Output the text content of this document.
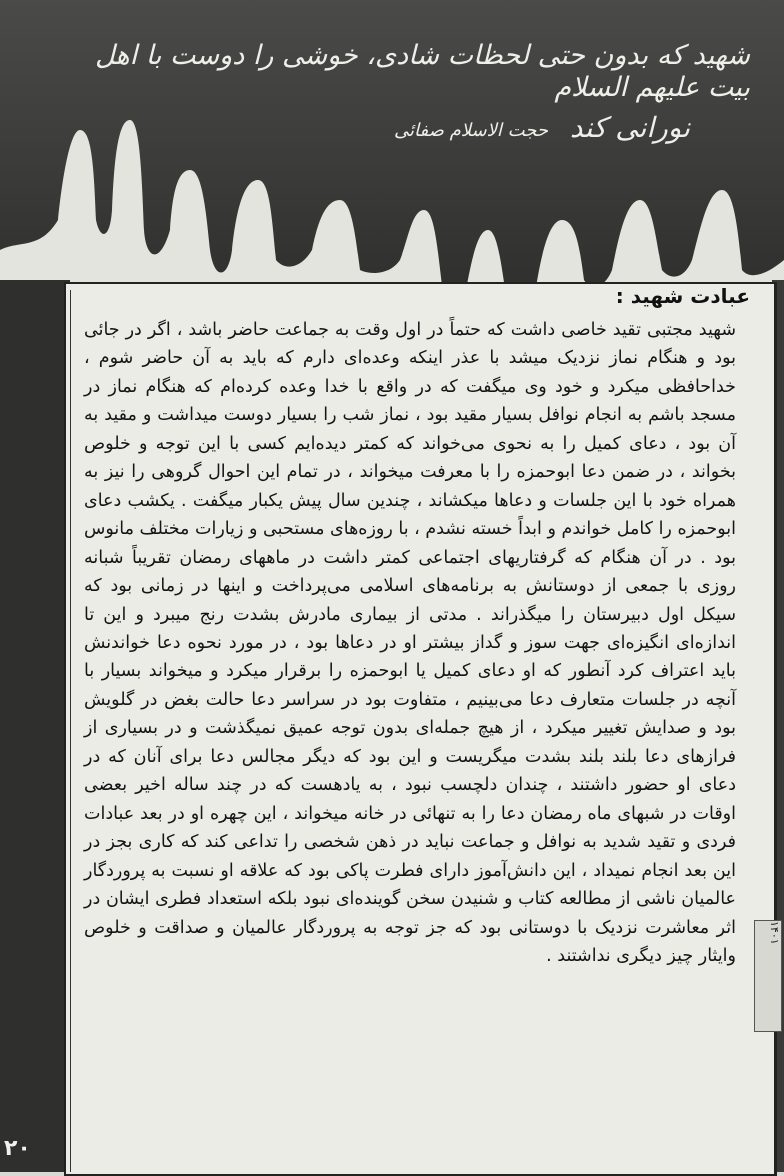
شهید که بدون حتی لحظات شادی، خوشی را دوست با اهل بیت علیهم السلام
نورانی کند
حجت الاسلام صفائی
عبادت شهید :
شهید مجتبی تقید خاصی داشت که حتماً در اول وقت به جماعت حاضر باشد ، اگر در جائی بود و هنگام نماز نزدیک میشد با عذر اینکه وعده‌ای دارم که باید به آن حاضر شوم ، خداحافظی میکرد و خود وی میگفت که در واقع با خدا وعده کرده‌ام که هنگام نماز در مسجد باشم به انجام نوافل بسیار مقید بود ، نماز شب را بسیار دوست میداشت و مقید به آن بود ، دعای کمیل را به نحوی می‌خواند که کمتر دیده‌ایم کسی با این توجه و خلوص بخواند ، در ضمن دعا ابوحمزه را با معرفت میخواند ، در تمام این احوال گروهی را نیز به همراه خود با این جلسات و دعاها میکشاند ، چندین سال پیش یکبار میگفت . یکشب دعای ابوحمزه را کامل خواندم و ابداً خسته نشدم ، با روزه‌های مستحبی و زیارات مختلف مانوس بود . در آن هنگام که گرفتاریهای اجتماعی کمتر داشت در ماههای رمضان تقریباً شبانه روزی با جمعی از دوستانش به برنامه‌های اسلامی می‌پرداخت و اینها در زمانی بود که سیکل اول دبیرستان را میگذراند . مدتی از بیماری مادرش بشدت رنج میبرد و این تا اندازه‌ای انگیزه‌ای جهت سوز و گداز بیشتر او در دعاها بود ، در مورد نحوه دعا خواندنش باید اعتراف کرد آنطور که او دعای کمیل یا ابوحمزه را برقرار میکرد و میخواند بسیار با آنچه در جلسات متعارف دعا می‌بینیم ، متفاوت بود در سراسر دعا حالت بغض در گلویش بود و صدایش تغییر میکرد ، از هیچ جمله‌ای بدون توجه عمیق نمیگذشت و در بسیاری از فرازهای دعا بلند بلند بشدت میگریست و این بود که دیگر مجالس دعا برای آنان که در دعای او حضور داشتند ، چندان دلچسب نبود ، به یادهست که در چند ساله اخیر بعضی اوقات در شبهای ماه رمضان دعا را به تنهائی در خانه میخواند ، این چهره او در بعد عبادات فردی و تقید شدید به نوافل و جماعت نباید در ذهن شخصی را تداعی کند که کاری بجز در این بعد انجام نمیداد ، این دانش‌آموز دارای فطرت پاکی بود که علاقه او نسبت به پروردگار عالمیان ناشی از مطالعه کتاب و شنیدن سخن گوینده‌ای نبود بلکه استعداد فطری ایشان در اثر معاشرت نزدیک با دوستانی بود که جز توجه به پروردگار عالمیان و صداقت و خلوص وایثار چیز دیگری نداشتند .
۱۴۰۱
۲۰
